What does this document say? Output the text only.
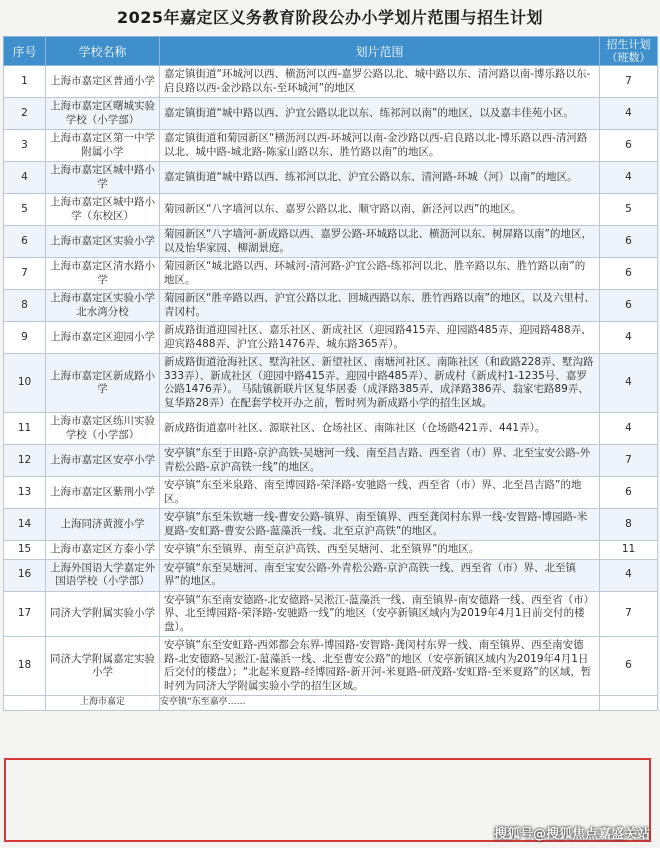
2025年嘉定区义务教育阶段公办小学划片范围与招生计划
序号	学校名称	划片范围	招生计划（班数）
1	上海市嘉定区普通小学	嘉定镇街道“环城河以西、横沥河以西-嘉罗公路以北、城中路以东、清河路以南-博乐路以东-启良路以西-金沙路以东-至环城河”的地区	7
2	上海市嘉定区曙城实验学校（小学部）	嘉定镇街道“城中路以西、沪宜公路以北以东、练祁河以南”的地区，以及嘉丰佳苑小区。	4
3	上海市嘉定区第一中学附属小学	嘉定镇街道和菊园新区“横沥河以西-环城河以南-金沙路以西-启良路以北-博乐路以西-清河路以北、城中路-城北路-陈家山路以东、胜竹路以南”的地区。	6
4	上海市嘉定区城中路小学	嘉定镇街道“城中路以西、练祁河以北、沪宜公路以东、清河路-环城（河）以南”的地区。	4
5	上海市嘉定区城中路小学（东校区）	菊园新区“八字墙河以东、嘉罗公路以北、顺守路以南、新泾河以西”的地区。	5
6	上海市嘉定区实验小学	菊园新区“八字墙河-新成路以西、嘉罗公路-环城路以北、横沥河以东、树屏路以南”的地区，以及怡华家园、柳湖景庭。	6
7	上海市嘉定区清水路小学	菊园新区“城北路以西、环城河-清河路-沪宜公路-练祁河以北、胜辛路以东、胜竹路以南”的地区。	6
8	上海市嘉定区实验小学北水湾分校	菊园新区“胜辛路以西、沪宜公路以北、回城西路以东、胜竹西路以南”的地区，以及六里村、青冈村。	6
9	上海市嘉定区迎园小学	新成路街道迎园社区、嘉乐社区、新成社区（迎园路415弄、迎园路485弄、迎园路488弄、迎宾路488弄、沪宜公路1476弄、城东路365弄）。	4
10	上海市嘉定区新成路小学	新成路街道沧海社区、墅沟社区、新望社区、南塘河社区、南陈社区（和政路228弄、墅沟路333弄）、新成社区（迎园中路415弄、迎园中路485弄）、新成村（新成村1-1235号、嘉罗公路1476弄）。 马陆镇新联片区复华居委（成泽路385弄、成泽路386弄、翁家宅路89弄、复华路28弄）在配套学校开办之前，暂时列为新成路小学的招生区域。	4
11	上海市嘉定区练川实验学校（小学部）	新成路街道嘉叶社区、源联社区、仓场社区、南陈社区（仓场路421弄、441弄）。	4
12	上海市嘉定区安亭小学	安亭镇“东至于田路-京沪高铁-吴塘河一线、南至昌吉路、西至省（市）界、北至宝安公路-外青松公路-京沪高铁一线”的地区。	7
13	上海市嘉定区紫荆小学	安亭镇“东至米泉路、南至博园路-荣泽路-安驰路一线、西至省（市）界、北至昌吉路”的地区。	6
14	上海同济黄渡小学	安亭镇“东至朱钦塘一线-曹安公路-镇界、南至镇界、西至龚闵村东界一线-安智路-博园路-米夏路-安虹路-曹安公路-蕰藻浜一线、北至京沪高铁”的地区。	8
15	上海市嘉定区方泰小学	安亭镇“东至镇界、南至京沪高铁、西至吴塘河、北至镇界”的地区。	11
16	上海外国语大学嘉定外国语学校（小学部）	安亭镇“东至吴塘河、南至宝安公路-外青松公路-京沪高铁一线、西至省（市）界、北至镇界”的地区。	4
17	同济大学附属实验小学	安亭镇“东至南安德路-北安德路-吴淞江-蕰藻浜一线、南至镇界-南安德路一线、西至省（市）界、北至博园路-荣泽路-安驰路一线”的地区（安亭新镇区域内为2019年4月1日前交付的楼盘）。	7
18	同济大学附属嘉定实验小学	安亭镇“东至安虹路-西郊都会东界-博园路-安智路-龚闵村东界一线、南至镇界、西至南安德路-北安德路-吴淞江-蕰藻浜一线、北至曹安公路”的地区（安亭新镇区域内为2019年4月1日后交付的楼盘）；“北起米夏路-经博园路-新开河-米夏路-研茂路-安虹路-至米夏路”的区域，暂时列为同济大学附属实验小学的招生区域。	6
	上海市嘉定	安亭镇“东至嘉亭……	
搜狐号@搜狐焦点嘉盛关站
